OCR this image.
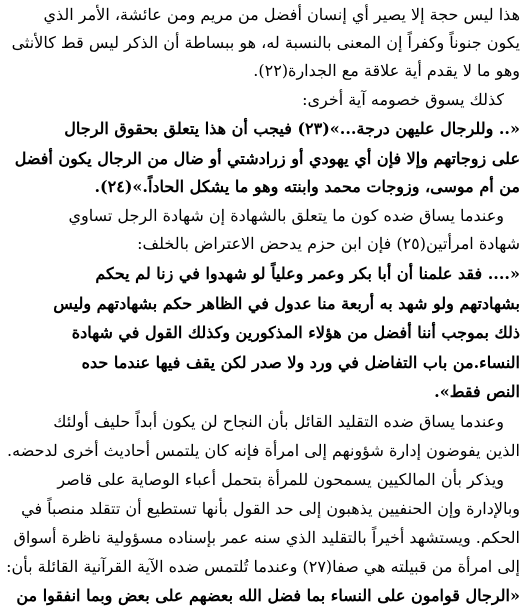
هذا ليس حجة إلا يصير أي إنسان أفضل من مريم ومن عائشة، الأمر الذي
يكون جنوناً وكفراً إن المعنى بالنسبة له، هو ببساطة أن الذكر ليس قط كالأنثى
وهو ما لا يقدم أية علاقة مع الجدارة(٢٢).
كذلك يسوق خصومه آية أخرى:
«.. وللرجال عليهن درجة...»(٢٣) فيجب أن هذا يتعلق بحقوق الرجال
على زوجاتهم وإلا فإن أي يهودي أو زرادشتي أو ضال من الرجال يكون أفضل
من أم موسى، وزوجات محمد وابنته وهو ما يشكل الحاداً.»(٢٤).
وعندما يساق ضده كون ما يتعلق بالشهادة إن شهادة الرجل تساوي
شهادة امرأتين(٢٥) فإن ابن حزم يدحض الاعتراض بالخلف:
«.... فقد علمنا أن أبا بكر وعمر وعلياً لو شهدوا في زنا لم يحكم
بشهادتهم ولو شهد به أربعة منا عدول في الظاهر حكم بشهادتهم وليس
ذلك بموجب أننا أفضل من هؤلاء المذكورين وكذلك القول في شهادة
النساء.من باب التفاضل في ورد ولا صدر لكن يقف فيها عندما حده
النص فقط».
وعندما يساق ضده التقليد القائل بأن النجاح لن يكون أبداً حليف أولئك
الذين يفوضون إدارة شؤونهم إلى امرأة فإنه كان يلتمس أحاديث أخرى لدحضه.
ويذكر بأن المالكيين يسمحون للمرأة بتحمل أعباء الوصاية على قاصر
وبالإدارة وإن الحنفيين يذهبون إلى حد القول بأنها تستطيع أن تتقلد منصباً في
الحكم. ويستشهد أخيراً بالتقليد الذي سنه عمر بإسناده مسؤولية ناظرة أسواق
إلى امرأة من قبيلته هي صفا(٢٧) وعندما تُلتمس ضده الآية القرآنية القائلة بأن:
«الرجال قوامون على النساء بما فضل الله بعضهم على بعض وبما انفقوا من
